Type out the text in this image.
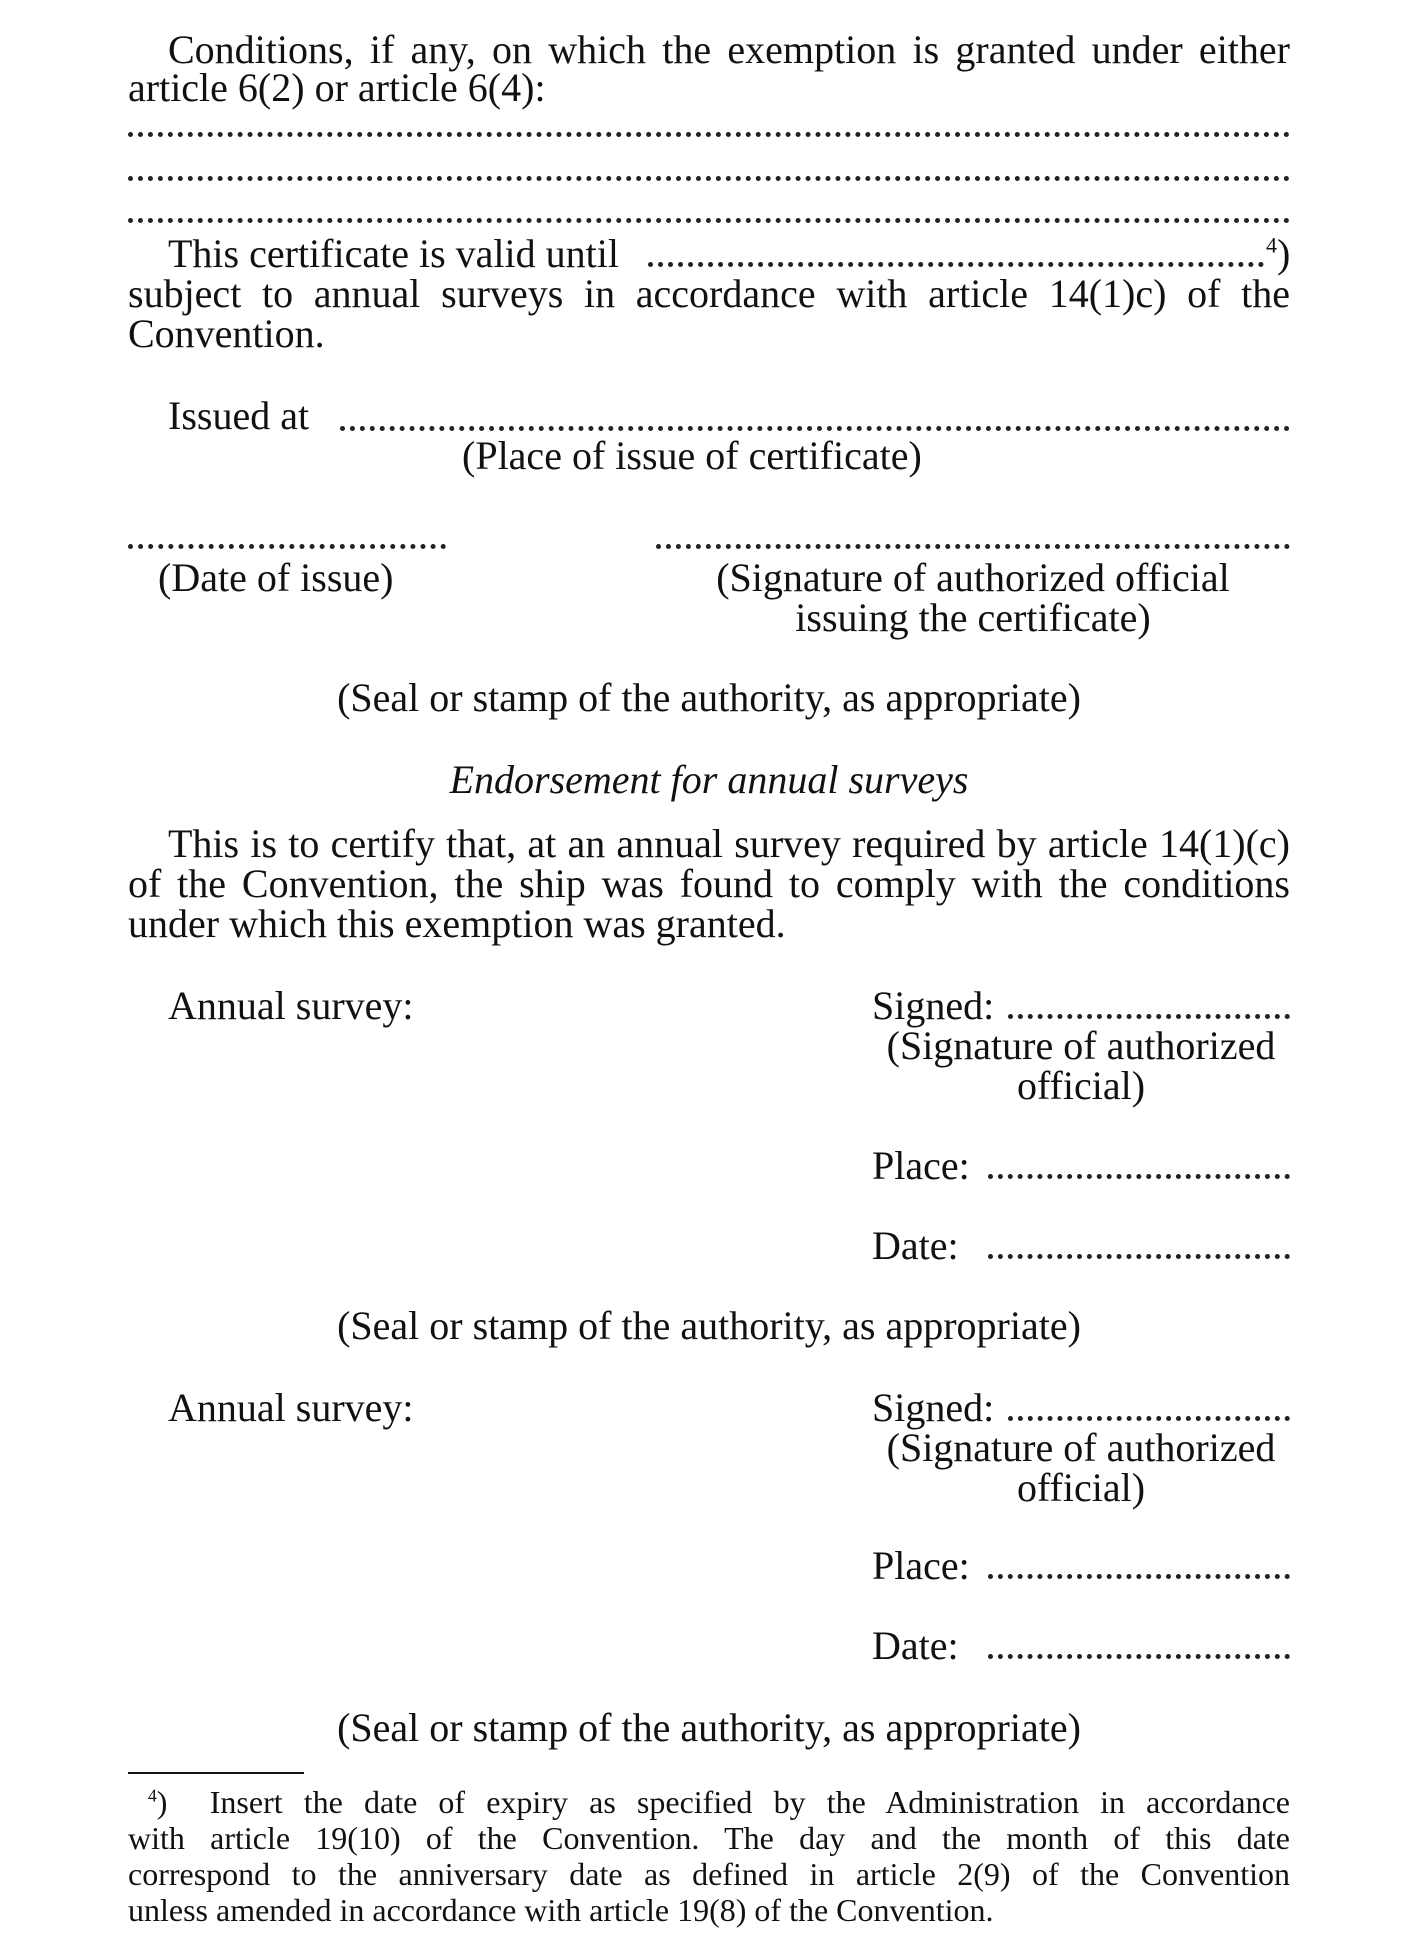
Conditions, if any, on which the exemption is granted under either
article 6(2) or article 6(4):
This certificate is valid until	$^4$)
subject to annual surveys in accordance with article 14(1)c) of the
Convention.
Issued at
(Place of issue of certificate)
(Date of issue)	(Signature of authorized official
issuing the certificate)
(Seal or stamp of the authority, as appropriate)
Endorsement for annual surveys
This is to certify that, at an annual survey required by article 14(1)(c)
of the Convention, the ship was found to comply with the conditions
under which this exemption was granted.
Annual survey:	Signed:
(Signature of authorized
official)
Place:
Date:
(Seal or stamp of the authority, as appropriate)
Annual survey:	Signed:
(Signature of authorized
official)
Place:
Date:
(Seal or stamp of the authority, as appropriate)
$^4$) Insert the date of expiry as specified by the Administration in accordance
with article 19(10) of the Convention. The day and the month of this date
correspond to the anniversary date as defined in article 2(9) of the Convention
unless amended in accordance with article 19(8) of the Convention.
